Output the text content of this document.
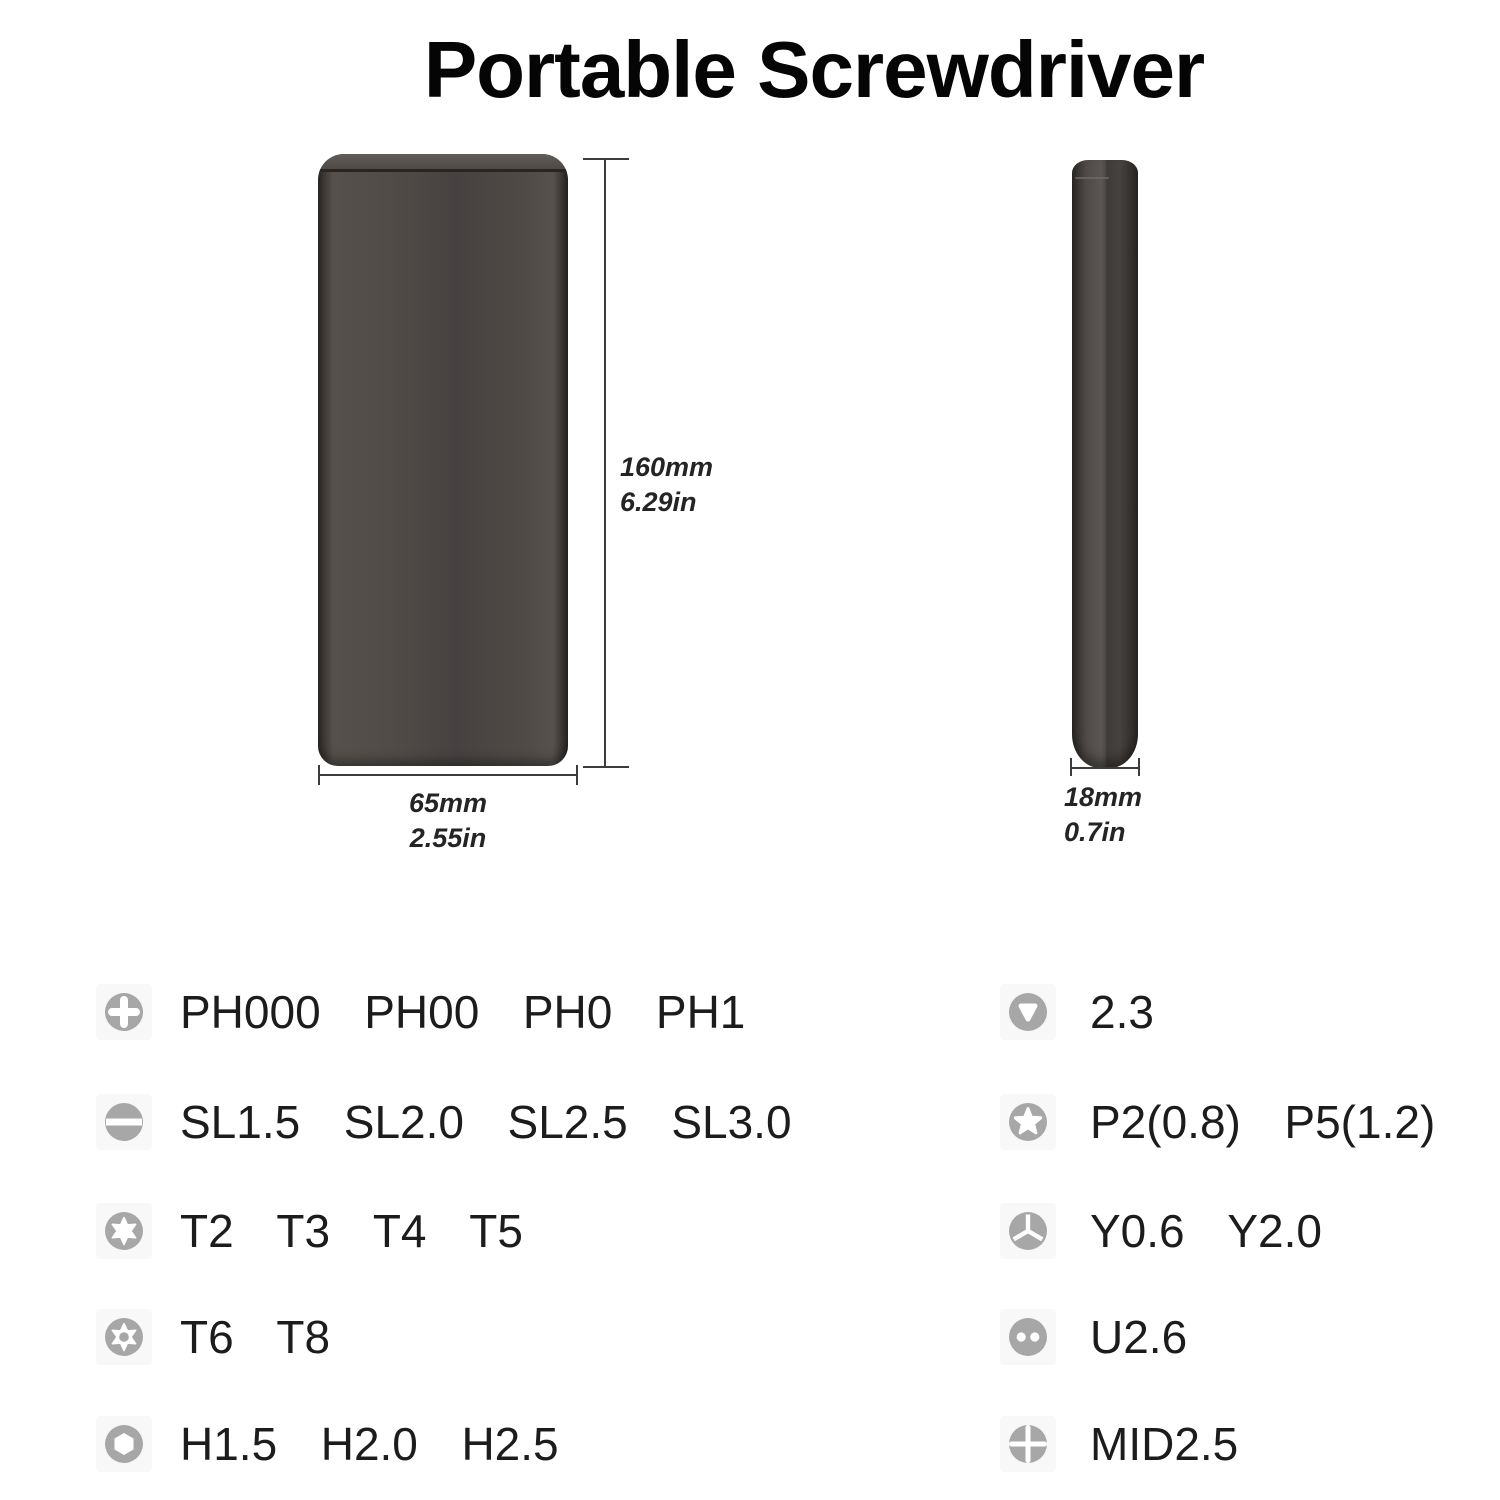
Portable Screwdriver
160mm
6.29in
65mm
2.55in
18mm
0.7in
PH000  PH00  PH0  PH1
SL1.5  SL2.0  SL2.5  SL3.0
T2  T3  T4  T5
T6  T8
H1.5  H2.0  H2.5
2.3
P2(0.8)  P5(1.2)
Y0.6  Y2.0
U2.6
MID2.5
